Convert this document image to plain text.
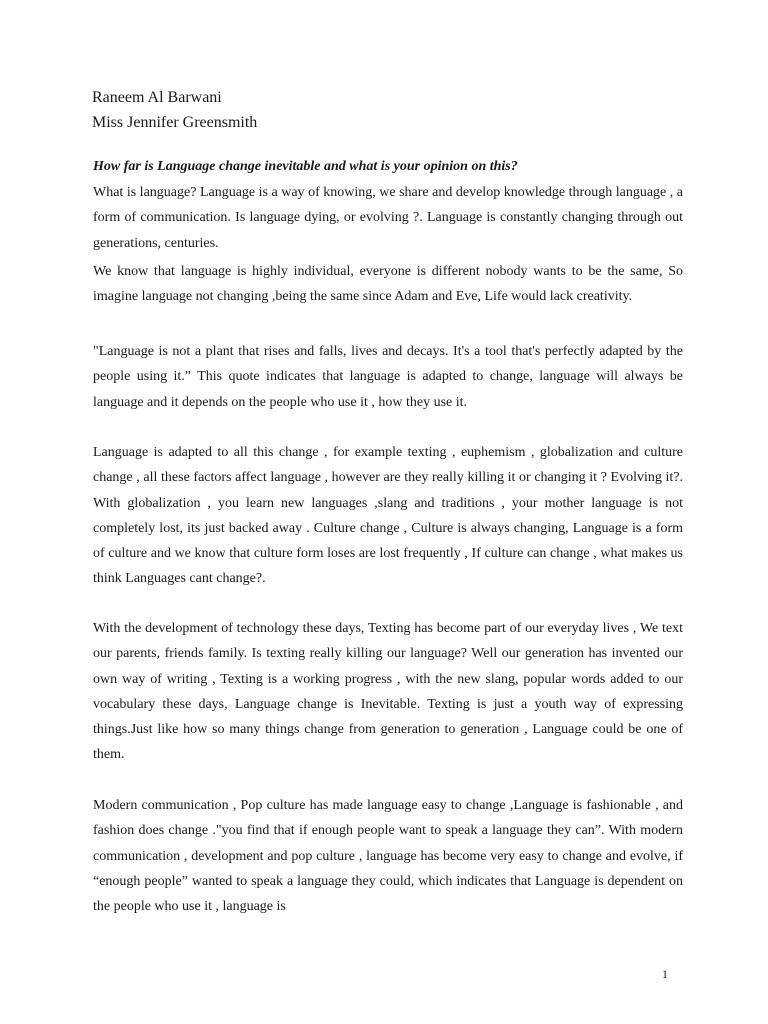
Raneem Al Barwani
Miss Jennifer Greensmith

How far is Language change inevitable and what is your opinion on this?

What is language? Language is a way of knowing, we share and develop knowledge through language , a form of communication. Is language dying, or evolving ?. Language is constantly changing through out generations, centuries.

We know that language is highly individual, everyone is different nobody wants to be the same, So imagine language not changing ,being the same since Adam and Eve, Life would lack creativity.

"Language is not a plant that rises and falls, lives and decays. It's a tool that's perfectly adapted by the people using it.” This quote indicates that language is adapted to change, language will always be language and it depends on the people who use it , how they use it.

Language is adapted to all this change , for example texting , euphemism , globalization and culture change , all these factors affect language , however are they really killing it or changing it ? Evolving it?. With globalization , you learn new languages ,slang and traditions , your mother language is not completely lost, its just backed away . Culture change , Culture is always changing, Language is a form of culture and we know that culture form loses are lost frequently , If culture can change , what makes us think Languages cant change?.

With the development of technology these days, Texting has become part of our everyday lives , We text our parents, friends family. Is texting really killing our language? Well our generation has invented our own way of writing , Texting is a working progress , with the new slang, popular words added to our vocabulary these days, Language change is Inevitable. Texting is just a youth way of expressing things.Just like how so many things change from generation to generation , Language could be one of them.

Modern communication , Pop culture has made language easy to change ,Language is fashionable , and fashion does change ."you find that if enough people want to speak a language they can”. With modern communication , development and pop culture , language has become very easy to change and evolve, if “enough people” wanted to speak a language they could, which indicates that Language is dependent on the people who use it , language is

1
